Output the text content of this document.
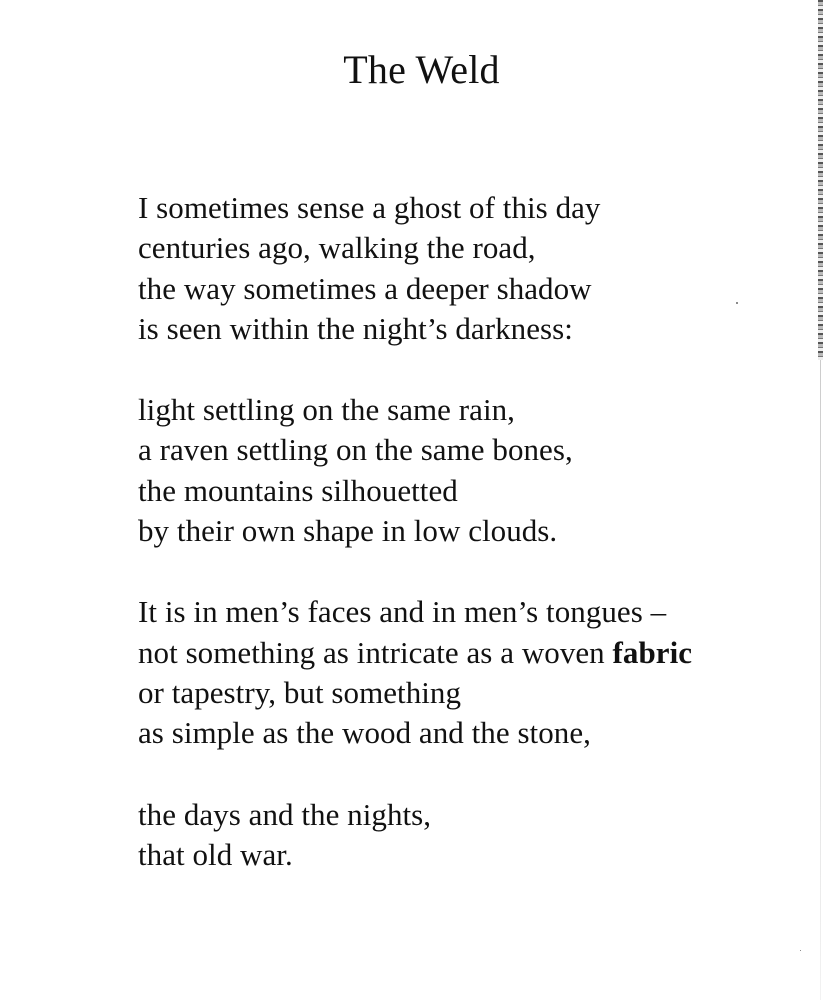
The Weld
I sometimes sense a ghost of this day
centuries ago, walking the road,
the way sometimes a deeper shadow
is seen within the night’s darkness:
light settling on the same rain,
a raven settling on the same bones,
the mountains silhouetted
by their own shape in low clouds.
It is in men’s faces and in men’s tongues –
not something as intricate as a woven fabric
or tapestry, but something
as simple as the wood and the stone,
the days and the nights,
that old war.
